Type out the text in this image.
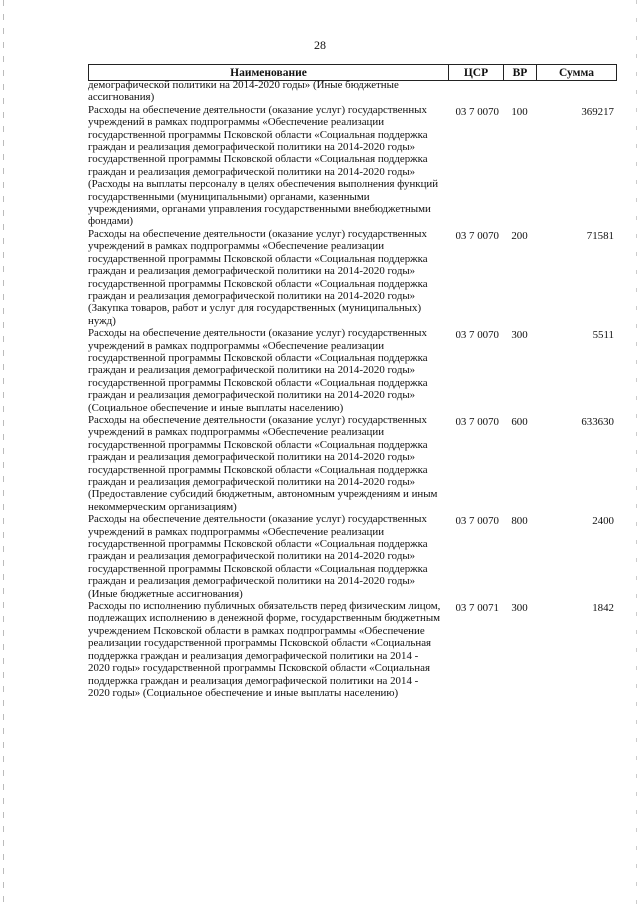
28
Наименование	ЦСР	ВР	Сумма
демографической политики на 2014-2020 годы» (Иные бюджетные ассигнования)
Расходы на обеспечение деятельности (оказание услуг) государственных учреждений в рамках подпрограммы «Обеспечение реализации государственной программы Псковской области «Социальная поддержка граждан и реализация демографической политики на 2014-2020 годы» государственной программы Псковской области «Социальная поддержка граждан и реализация демографической политики на 2014-2020 годы» (Расходы на выплаты персоналу в целях обеспечения выполнения функций государственными (муниципальными) органами, казенными учреждениями, органами управления государственными внебюджетными фондами)
03 7 0070	100	369217
Расходы на обеспечение деятельности (оказание услуг) государственных учреждений в рамках подпрограммы «Обеспечение реализации государственной программы Псковской области «Социальная поддержка граждан и реализация демографической политики на 2014-2020 годы» государственной программы Псковской области «Социальная поддержка граждан и реализация демографической политики на 2014-2020 годы» (Закупка товаров, работ и услуг для государственных (муниципальных) нужд)
03 7 0070	200	71581
Расходы на обеспечение деятельности (оказание услуг) государственных учреждений в рамках подпрограммы «Обеспечение реализации государственной программы Псковской области «Социальная поддержка граждан и реализация демографической политики на 2014-2020 годы» государственной программы Псковской области «Социальная поддержка граждан и реализация демографической политики на 2014-2020 годы» (Социальное обеспечение и иные выплаты населению)
03 7 0070	300	5511
Расходы на обеспечение деятельности (оказание услуг) государственных учреждений в рамках подпрограммы «Обеспечение реализации государственной программы Псковской области «Социальная поддержка граждан и реализация демографической политики на 2014-2020 годы» государственной программы Псковской области «Социальная поддержка граждан и реализация демографической политики на 2014-2020 годы» (Предоставление субсидий бюджетным, автономным учреждениям и иным некоммерческим организациям)
03 7 0070	600	633630
Расходы на обеспечение деятельности (оказание услуг) государственных учреждений в рамках подпрограммы «Обеспечение реализации государственной программы Псковской области «Социальная поддержка граждан и реализация демографической политики на 2014-2020 годы» государственной программы Псковской области «Социальная поддержка граждан и реализация демографической политики на 2014-2020 годы» (Иные бюджетные ассигнования)
03 7 0070	800	2400
Расходы по исполнению публичных обязательств перед физическим лицом, подлежащих исполнению в денежной форме, государственным бюджетным учреждением Псковской области в рамках подпрограммы «Обеспечение реализации государственной программы Псковской области «Социальная поддержка граждан и реализация демографической политики на 2014 - 2020 годы» государственной программы Псковской области «Социальная поддержка граждан и реализация демографической политики на 2014 - 2020 годы» (Социальное обеспечение и иные выплаты населению)
03 7 0071	300	1842
